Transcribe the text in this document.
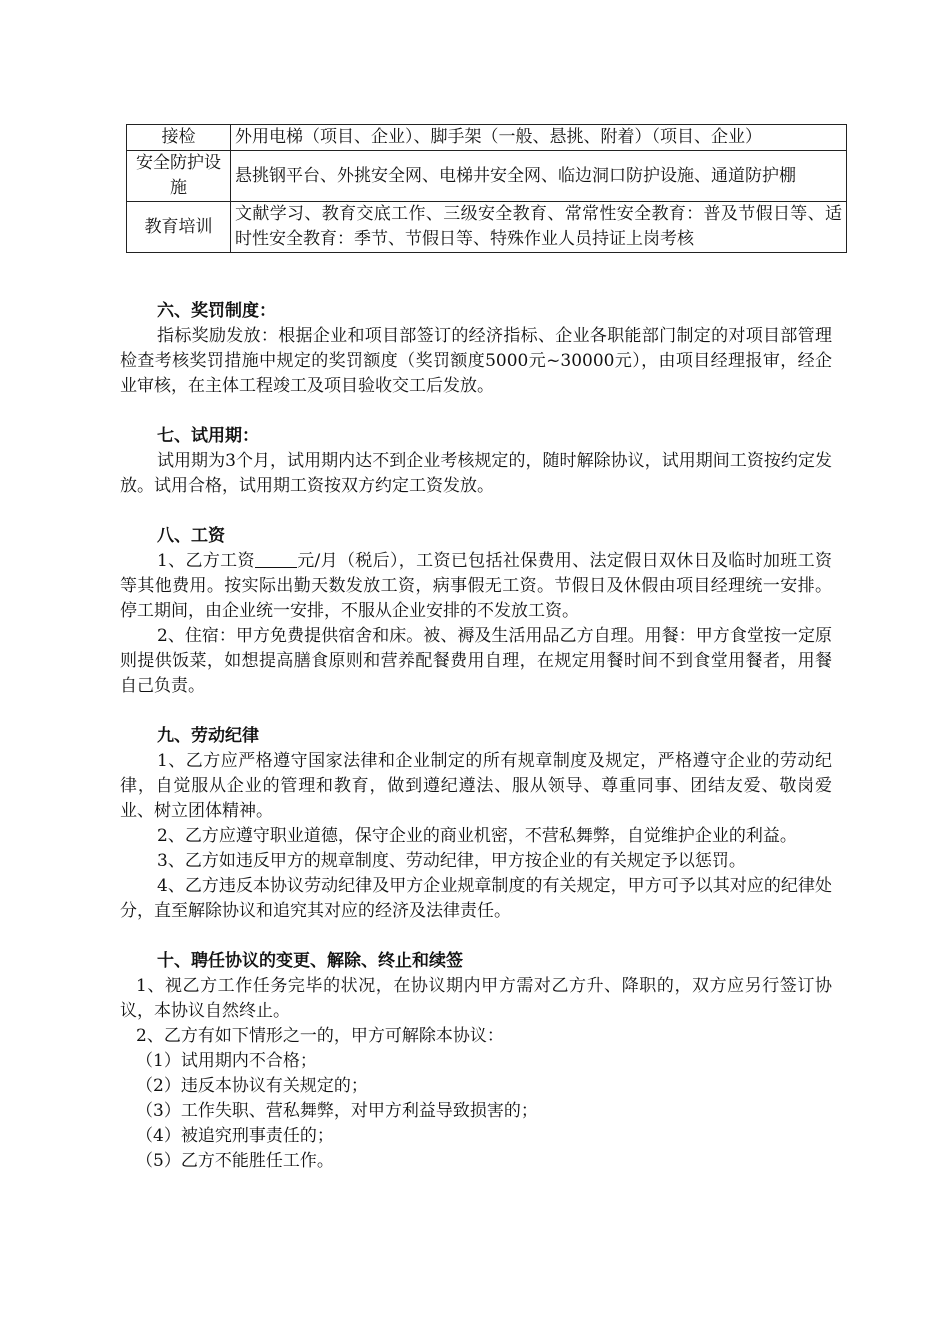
接检	外用电梯（项目、企业）、脚手架（一般、悬挑、附着）（项目、企业）
安全防护设施	悬挑钢平台、外挑安全网、电梯井安全网、临边洞口防护设施、通道防护棚
教育培训	文献学习、教育交底工作、三级安全教育、常常性安全教育：普及节假日等、适时性安全教育：季节、节假日等、特殊作业人员持证上岗考核

六、奖罚制度：

指标奖励发放：根据企业和项目部签订的经济指标、企业各职能部门制定的对项目部管理检查考核奖罚措施中规定的奖罚额度（奖罚额度5000元~30000元），由项目经理报审，经企业审核，在主体工程竣工及项目验收交工后发放。

七、试用期：

试用期为3个月，试用期内达不到企业考核规定的，随时解除协议，试用期间工资按约定发放。试用合格，试用期工资按双方约定工资发放。

八、工资

1、乙方工资 元/月（税后），工资已包括社保费用、法定假日双休日及临时加班工资等其他费用。按实际出勤天数发放工资，病事假无工资。节假日及休假由项目经理统一安排。停工期间，由企业统一安排，不服从企业安排的不发放工资。

2、住宿：甲方免费提供宿舍和床。被、褥及生活用品乙方自理。用餐：甲方食堂按一定原则提供饭菜，如想提高膳食原则和营养配餐费用自理，在规定用餐时间不到食堂用餐者，用餐自己负责。

九、劳动纪律

1、乙方应严格遵守国家法律和企业制定的所有规章制度及规定，严格遵守企业的劳动纪律，自觉服从企业的管理和教育，做到遵纪遵法、服从领导、尊重同事、团结友爱、敬岗爱业、树立团体精神。

2、乙方应遵守职业道德，保守企业的商业机密，不营私舞弊，自觉维护企业的利益。

3、乙方如违反甲方的规章制度、劳动纪律，甲方按企业的有关规定予以惩罚。

4、乙方违反本协议劳动纪律及甲方企业规章制度的有关规定，甲方可予以其对应的纪律处分，直至解除协议和追究其对应的经济及法律责任。

十、聘任协议的变更、解除、终止和续签

1、视乙方工作任务完毕的状况，在协议期内甲方需对乙方升、降职的，双方应另行签订协议，本协议自然终止。

2、乙方有如下情形之一的，甲方可解除本协议：

（1）试用期内不合格；

（2）违反本协议有关规定的；

（3）工作失职、营私舞弊，对甲方利益导致损害的；

（4）被追究刑事责任的；

（5）乙方不能胜任工作。
